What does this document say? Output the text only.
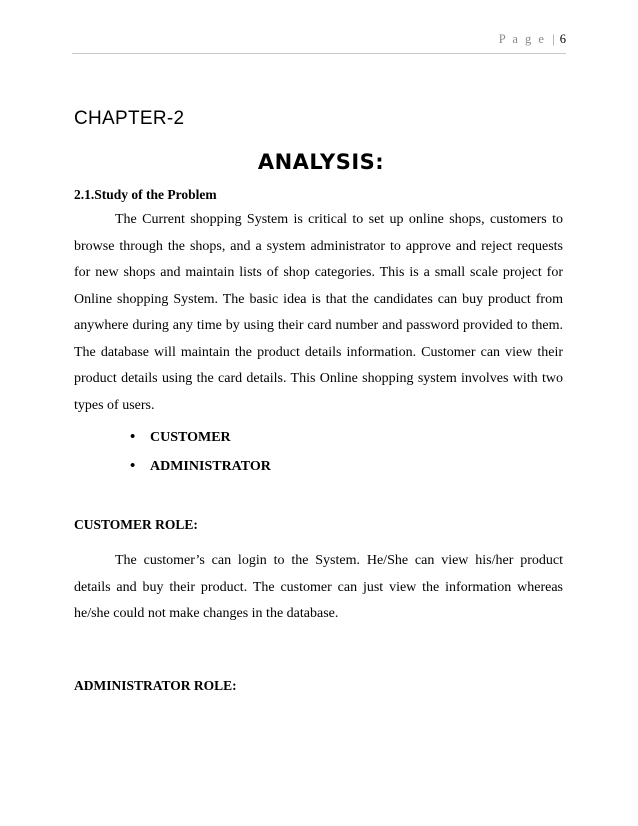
P a g e | 6
CHAPTER-2
ANALYSIS:
2.1.Study of the Problem
The Current shopping System is critical to set up online shops, customers to browse through the shops, and a system administrator to approve and reject requests for new shops and maintain lists of shop categories. This is a small scale project for Online shopping System. The basic idea is that the candidates can buy product from anywhere during any time by using their card number and password provided to them. The database will maintain the product details information. Customer can view their product details using the card details. This Online shopping system involves with two types of users.
• CUSTOMER
• ADMINISTRATOR
CUSTOMER ROLE:
The customer’s can login to the System. He/She can view his/her product details and buy their product. The customer can just view the information whereas he/she could not make changes in the database.
ADMINISTRATOR ROLE:
